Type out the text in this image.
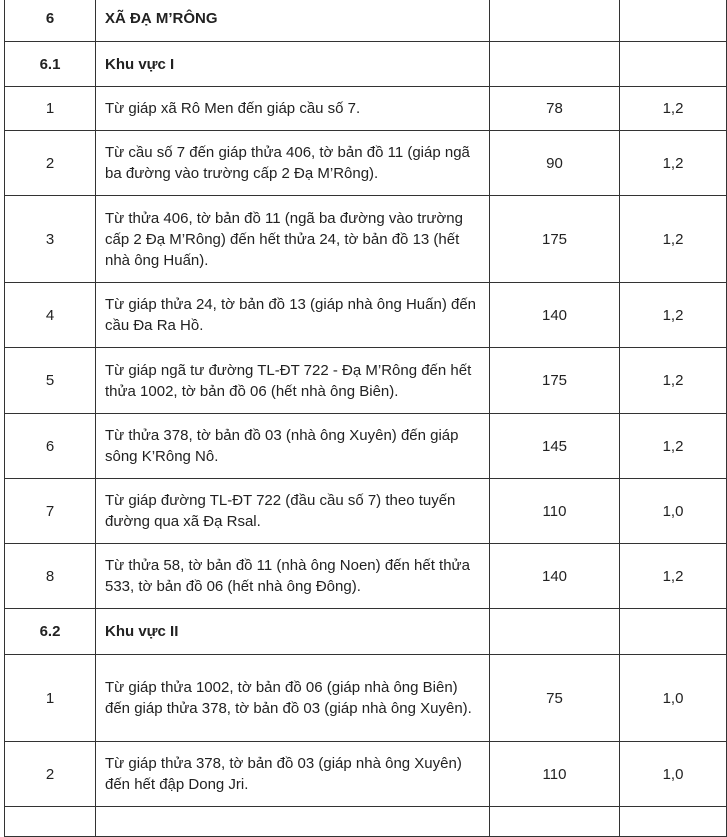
6	XÃ ĐẠ M’RÔNG		
6.1	Khu vực I		
1	Từ giáp xã Rô Men đến giáp cầu số 7.	78	1,2
2	Từ cầu số 7 đến giáp thửa 406, tờ bản đồ 11 (giáp ngã ba đường vào trường cấp 2 Đạ M’Rông).	90	1,2
3	Từ thửa 406, tờ bản đồ 11 (ngã ba đường vào trường cấp 2 Đạ M’Rông) đến hết thửa 24, tờ bản đồ 13 (hết nhà ông Huấn).	175	1,2
4	Từ giáp thửa 24, tờ bản đồ 13 (giáp nhà ông Huấn) đến cầu Đa Ra Hồ.	140	1,2
5	Từ giáp ngã tư đường TL-ĐT 722 - Đạ M’Rông đến hết thửa 1002, tờ bản đồ 06 (hết nhà ông Biên).	175	1,2
6	Từ thửa 378, tờ bản đồ 03 (nhà ông Xuyên) đến giáp sông K’Rông Nô.	145	1,2
7	Từ giáp đường TL-ĐT 722 (đầu cầu số 7) theo tuyến đường qua xã Đạ Rsal.	110	1,0
8	Từ thửa 58, tờ bản đồ 11 (nhà ông Noen) đến hết thửa 533, tờ bản đồ 06 (hết nhà ông Đông).	140	1,2
6.2	Khu vực II		
1	Từ giáp thửa 1002, tờ bản đồ 06 (giáp nhà ông Biên) đến giáp thửa 378, tờ bản đồ 03 (giáp nhà ông Xuyên).	75	1,0
2	Từ giáp thửa 378, tờ bản đồ 03 (giáp nhà ông Xuyên) đến hết đập Dong Jri.	110	1,0
